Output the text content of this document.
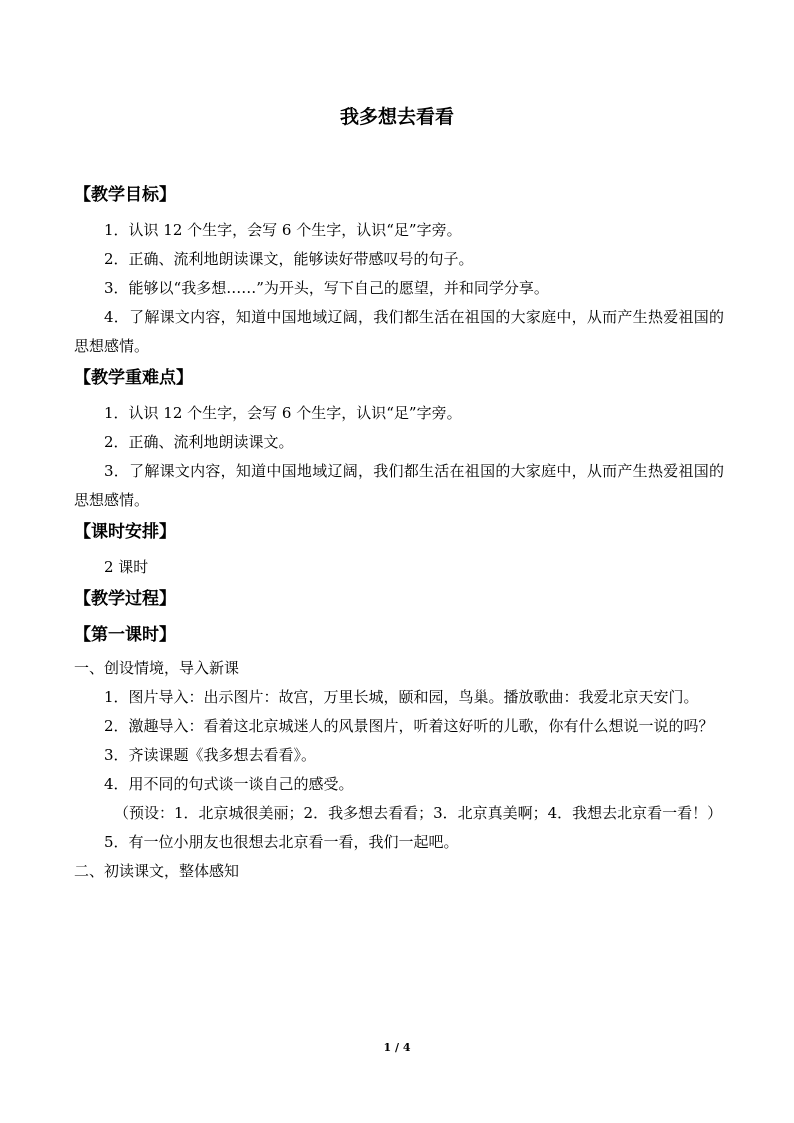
我多想去看看

【教学目标】

1．认识 12 个生字，会写 6 个生字，认识“足”字旁。

2．正确、流利地朗读课文，能够读好带感叹号的句子。

3．能够以“我多想……”为开头，写下自己的愿望，并和同学分享。

4．了解课文内容，知道中国地域辽阔，我们都生活在祖国的大家庭中，从而产生热爱祖国的思想感情。

【教学重难点】

1．认识 12 个生字，会写 6 个生字，认识“足”字旁。

2．正确、流利地朗读课文。

3．了解课文内容，知道中国地域辽阔，我们都生活在祖国的大家庭中，从而产生热爱祖国的思想感情。

【课时安排】

2 课时

【教学过程】

【第一课时】

一、创设情境，导入新课

1．图片导入：出示图片：故宫，万里长城，颐和园，鸟巢。播放歌曲：我爱北京天安门。

2．激趣导入：看着这北京城迷人的风景图片，听着这好听的儿歌，你有什么想说一说的吗？

3．齐读课题《我多想去看看》。

4．用不同的句式谈一谈自己的感受。

（预设：1．北京城很美丽；2．我多想去看看；3．北京真美啊；4．我想去北京看一看！）

5．有一位小朋友也很想去北京看一看，我们一起吧。

二、初读课文，整体感知

1 / 4
